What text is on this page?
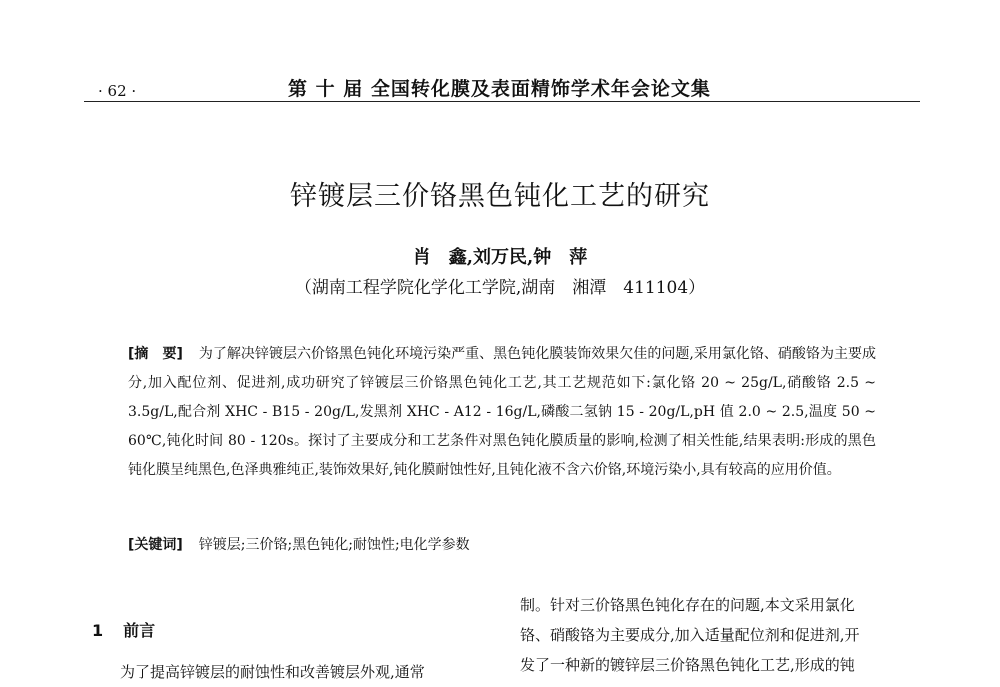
· 62 ·	第 十 届 全国转化膜及表面精饰学术年会论文集
锌镀层三价铬黑色钝化工艺的研究
肖　鑫,刘万民,钟　萍
（湖南工程学院化学化工学院,湖南　湘潭　411104）
[摘　要] 为了解决锌镀层六价铬黑色钝化环境污染严重、黑色钝化膜装饰效果欠佳的问题,采用氯化铬、硝酸铬为主要成分,加入配位剂、促进剂,成功研究了锌镀层三价铬黑色钝化工艺,其工艺规范如下:氯化铬 20 ~ 25g/L,硝酸铬 2.5 ~ 3.5g/L,配合剂 XHC - B15 - 20g/L,发黑剂 XHC - A12 - 16g/L,磷酸二氢钠 15 - 20g/L,pH 值 2.0 ~ 2.5,温度 50 ~ 60℃,钝化时间 80 - 120s。探讨了主要成分和工艺条件对黑色钝化膜质量的影响,检测了相关性能,结果表明:形成的黑色钝化膜呈纯黑色,色泽典雅纯正,装饰效果好,钝化膜耐蚀性好,且钝化液不含六价铬,环境污染小,具有较高的应用价值。
[关键词] 锌镀层;三价铬;黑色钝化;耐蚀性;电化学参数
1 前言
为了提高锌镀层的耐蚀性和改善镀层外观,通常
制。针对三价铬黑色钝化存在的问题,本文采用氯化
铬、硝酸铬为主要成分,加入适量配位剂和促进剂,开
发了一种新的镀锌层三价铬黑色钝化工艺,形成的钝
